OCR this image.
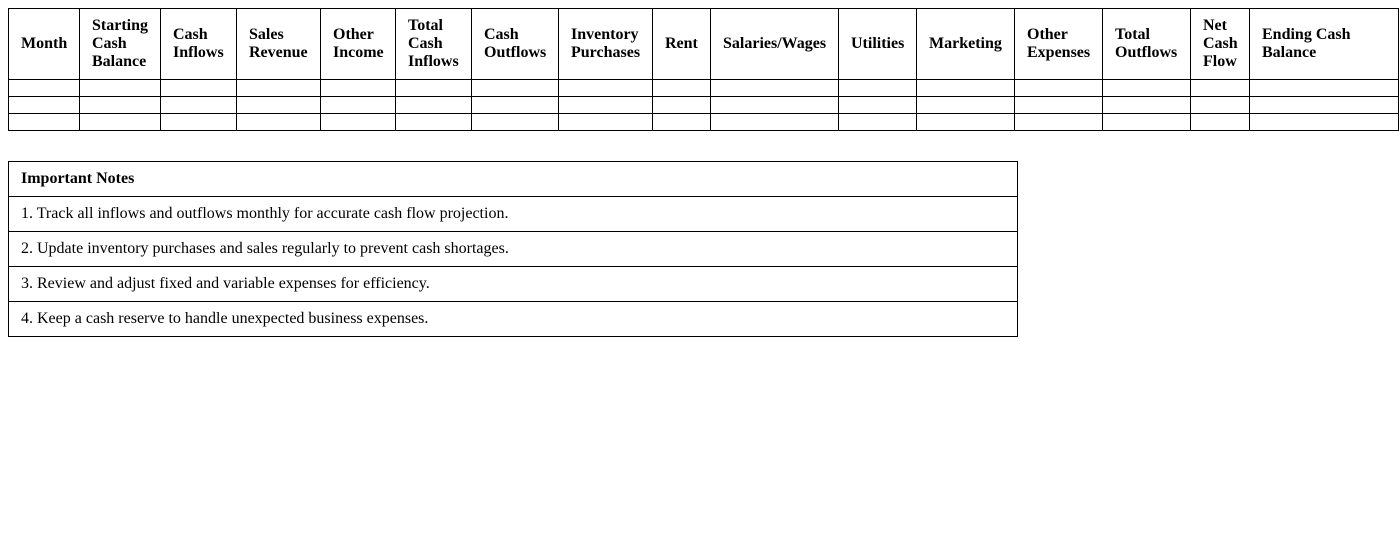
Month	Starting Cash Balance	Cash Inflows	Sales Revenue	Other Income	Total Cash Inflows	Cash Outflows	Inventory Purchases	Rent	Salaries/Wages	Utilities	Marketing	Other Expenses	Total Outflows	Net Cash Flow	Ending Cash Balance

Important Notes
1. Track all inflows and outflows monthly for accurate cash flow projection.
2. Update inventory purchases and sales regularly to prevent cash shortages.
3. Review and adjust fixed and variable expenses for efficiency.
4. Keep a cash reserve to handle unexpected business expenses.
